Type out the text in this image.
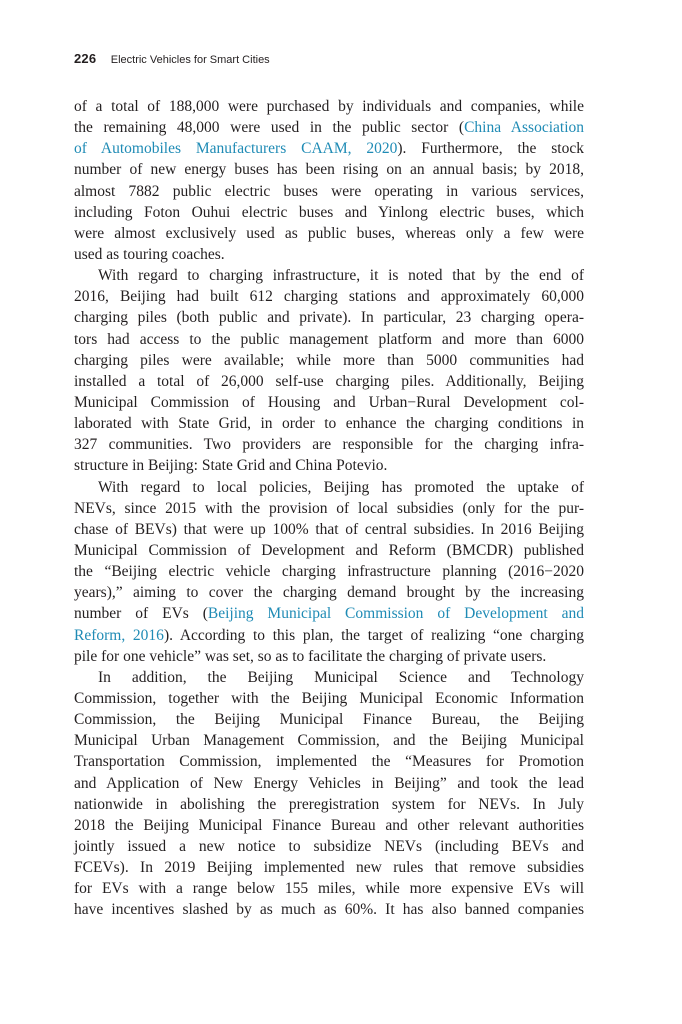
226 Electric Vehicles for Smart Cities
of a total of 188,000 were purchased by individuals and companies, while
the remaining 48,000 were used in the public sector (China Association
of Automobiles Manufacturers CAAM, 2020). Furthermore, the stock
number of new energy buses has been rising on an annual basis; by 2018,
almost 7882 public electric buses were operating in various services,
including Foton Ouhui electric buses and Yinlong electric buses, which
were almost exclusively used as public buses, whereas only a few were
used as touring coaches.
With regard to charging infrastructure, it is noted that by the end of
2016, Beijing had built 612 charging stations and approximately 60,000
charging piles (both public and private). In particular, 23 charging opera-
tors had access to the public management platform and more than 6000
charging piles were available; while more than 5000 communities had
installed a total of 26,000 self-use charging piles. Additionally, Beijing
Municipal Commission of Housing and Urban−Rural Development col-
laborated with State Grid, in order to enhance the charging conditions in
327 communities. Two providers are responsible for the charging infra-
structure in Beijing: State Grid and China Potevio.
With regard to local policies, Beijing has promoted the uptake of
NEVs, since 2015 with the provision of local subsidies (only for the pur-
chase of BEVs) that were up 100% that of central subsidies. In 2016 Beijing
Municipal Commission of Development and Reform (BMCDR) published
the “Beijing electric vehicle charging infrastructure planning (2016−2020
years),” aiming to cover the charging demand brought by the increasing
number of EVs (Beijing Municipal Commission of Development and
Reform, 2016). According to this plan, the target of realizing “one charging
pile for one vehicle” was set, so as to facilitate the charging of private users.
In addition, the Beijing Municipal Science and Technology
Commission, together with the Beijing Municipal Economic Information
Commission, the Beijing Municipal Finance Bureau, the Beijing
Municipal Urban Management Commission, and the Beijing Municipal
Transportation Commission, implemented the “Measures for Promotion
and Application of New Energy Vehicles in Beijing” and took the lead
nationwide in abolishing the preregistration system for NEVs. In July
2018 the Beijing Municipal Finance Bureau and other relevant authorities
jointly issued a new notice to subsidize NEVs (including BEVs and
FCEVs). In 2019 Beijing implemented new rules that remove subsidies
for EVs with a range below 155 miles, while more expensive EVs will
have incentives slashed by as much as 60%. It has also banned companies
